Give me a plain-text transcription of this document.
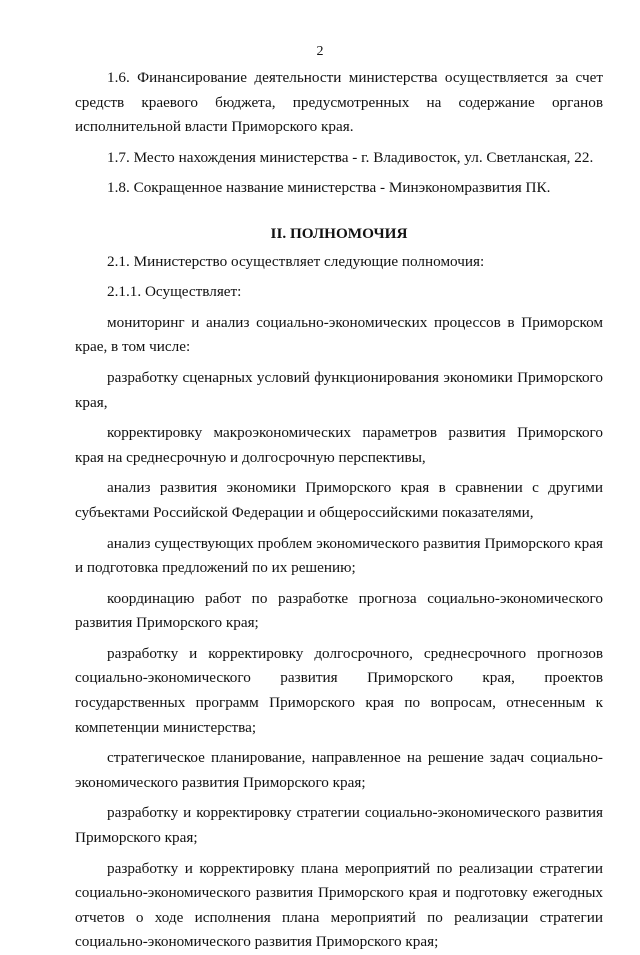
2

1.6. Финансирование деятельности министерства осуществляется за счет средств краевого бюджета, предусмотренных на содержание органов исполнительной власти Приморского края.

1.7. Место нахождения министерства - г. Владивосток, ул. Светланская, 22.

1.8. Сокращенное название министерства - Минэкономразвития ПК.

II. ПОЛНОМОЧИЯ

2.1. Министерство осуществляет следующие полномочия:

2.1.1. Осуществляет:

мониторинг и анализ социально-экономических процессов в Приморском крае, в том числе:

разработку сценарных условий функционирования экономики Приморского края,

корректировку макроэкономических параметров развития Приморского края на среднесрочную и долгосрочную перспективы,

анализ развития экономики Приморского края в сравнении с другими субъектами Российской Федерации и общероссийскими показателями,

анализ существующих проблем экономического развития Приморского края и подготовка предложений по их решению;

координацию работ по разработке прогноза социально-экономического развития Приморского края;

разработку и корректировку долгосрочного, среднесрочного прогнозов социально-экономического развития Приморского края, проектов государственных программ Приморского края по вопросам, отнесенным к компетенции министерства;

стратегическое планирование, направленное на решение задач социально-экономического развития Приморского края;

разработку и корректировку стратегии социально-экономического развития Приморского края;

разработку и корректировку плана мероприятий по реализации стратегии социально-экономического развития Приморского края и подготовку ежегодных отчетов о ходе исполнения плана мероприятий по реализации стратегии социально-экономического развития Приморского края;
